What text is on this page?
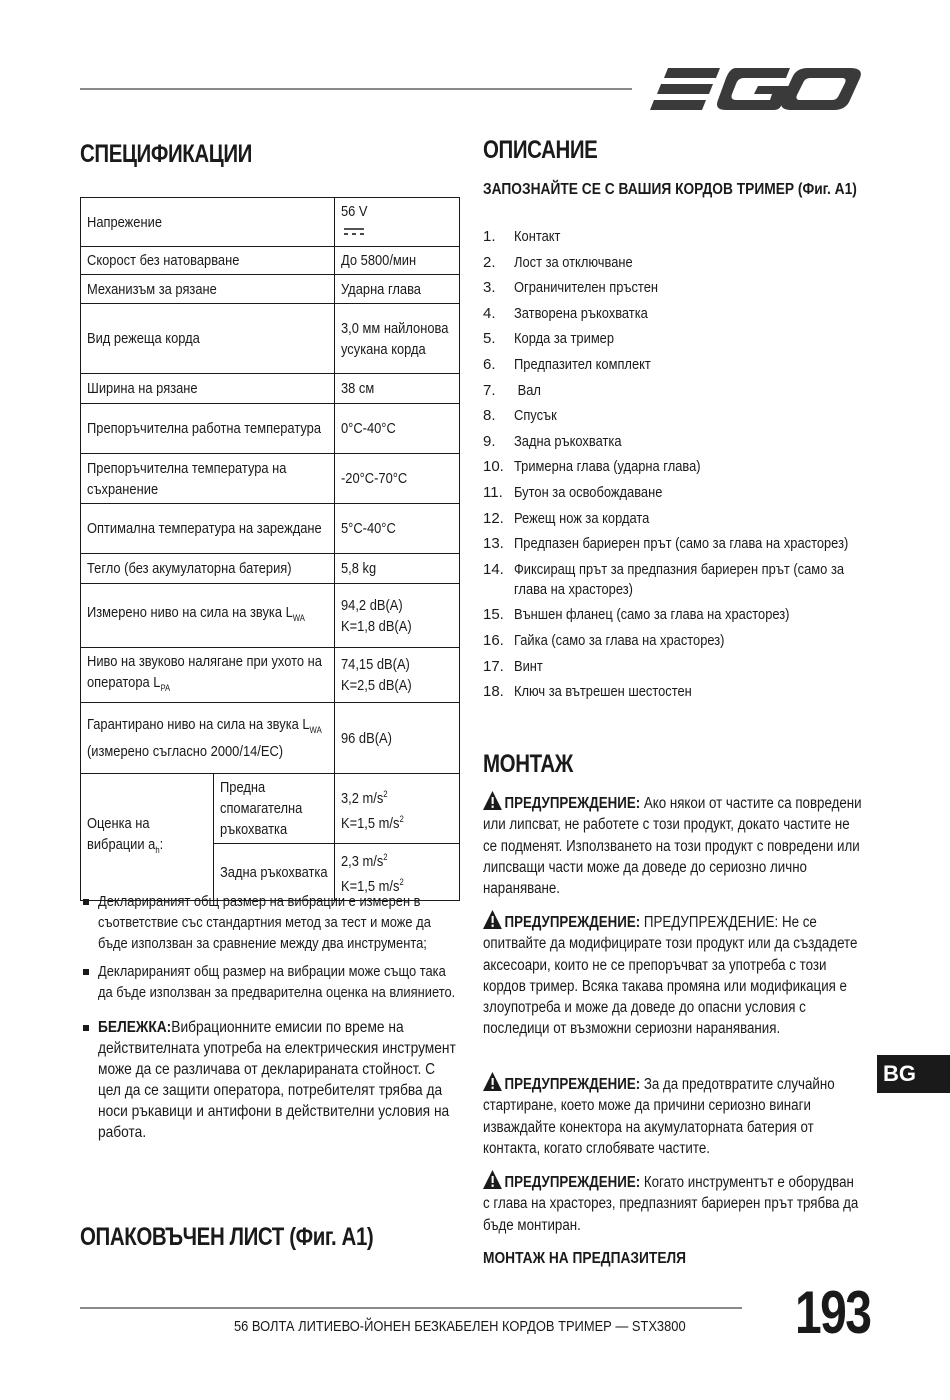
СПЕЦИФИКАЦИИ
Напрежение		56 V

Скорост без натоварване		До 5800/мин

Механизъм за рязане		Ударна глава

Вид режеща корда		3,0 мм найлонова усукана корда

Ширина на рязане		38 см

Препоръчителна работна температура		0°C-40°C

Препоръчителна температура на съхранение		-20°C-70°C

Оптимална температура на зареждане		5°C-40°C

Тегло (без акумулаторна батерия)		5,8 kg

Измерено ниво на сила на звука $L_{WA}$		94,2 dB(A)
K=1,8 dB(A)

Ниво на звуково налягане при ухото на оператора $L_{PA}$		74,15 dB(A)
K=2,5 dB(A)

Гарантирано ниво на сила на звука $L_{WA}$
(измерено съгласно 2000/14/ЕС)		96 dB(A)

Оценка на вибрации $a_h$:	Предна спомагателна ръкохватка	3,2 $m/s^2$
K=1,5 $m/s^2$

	Задна ръкохватка	2,3 $m/s^2$
K=1,5 $m/s^2$
Декларираният общ размер на вибрации е измерен в съответствие със стандартния метод за тест и може да бъде използван за сравнение между два инструмента;
Декларираният общ размер на вибрации може също така да бъде използван за предварителна оценка на влиянието.
БЕЛЕЖКА:Вибрационните емисии по време на действителната употреба на електрическия инструмент може да се различава от декларираната стойност. С цел да се защити оператора, потребителят трябва да носи ръкавици и антифони в действителни условия на работа.
ОПАКОВЪЧЕН ЛИСТ (Фиг. A1)
ОПИСАНИЕ
ЗАПОЗНАЙТЕ СЕ С ВАШИЯ КОРДОВ ТРИМЕР (Фиг. A1)
1. Контакт
2. Лост за отключване
3. Ограничителен пръстен
4. Затворена ръкохватка
5. Корда за тример
6. Предпазител комплект
7. Вал
8. Спусък
9. Задна ръкохватка
10. Тримерна глава (ударна глава)
11. Бутон за освобождаване
12. Режещ нож за кордата
13. Предпазен бариерен прът (само за глава на храсторез)
14. Фиксиращ прът за предпазния бариерен прът (само за глава на храсторез)
15. Външен фланец (само за глава на храсторез)
16. Гайка (само за глава на храсторез)
17. Винт
18. Ключ за вътрешен шестостен
МОНТАЖ
ПРЕДУПРЕЖДЕНИЕ: Ако някои от частите са повредени или липсват, не работете с този продукт, докато частите не се подменят. Използването на този продукт с повредени или липсващи части може да доведе до сериозно лично нараняване.
ПРЕДУПРЕЖДЕНИЕ: ПРЕДУПРЕЖДЕНИЕ: Не се опитвайте да модифицирате този продукт или да създадете аксесоари, които не се препоръчват за употреба с този кордов тример. Всяка такава промяна или модификация е злоупотреба и може да доведе до опасни условия с последици от възможни сериозни наранявания.
ПРЕДУПРЕЖДЕНИЕ: За да предотвратите случайно стартиране, което може да причини сериозно винаги изваждайте конектора на акумулаторната батерия от контакта, когато сглобявате частите.
ПРЕДУПРЕЖДЕНИЕ: Когато инструментът е оборудван с глава на храсторез, предпазният бариерен прът трябва да бъде монтиран.
МОНТАЖ НА ПРЕДПАЗИТЕЛЯ
BG
56 ВОЛТА ЛИТИЕВО-ЙОНЕН БЕЗКАБЕЛЕН КОРДОВ ТРИМЕР — STX3800	193
